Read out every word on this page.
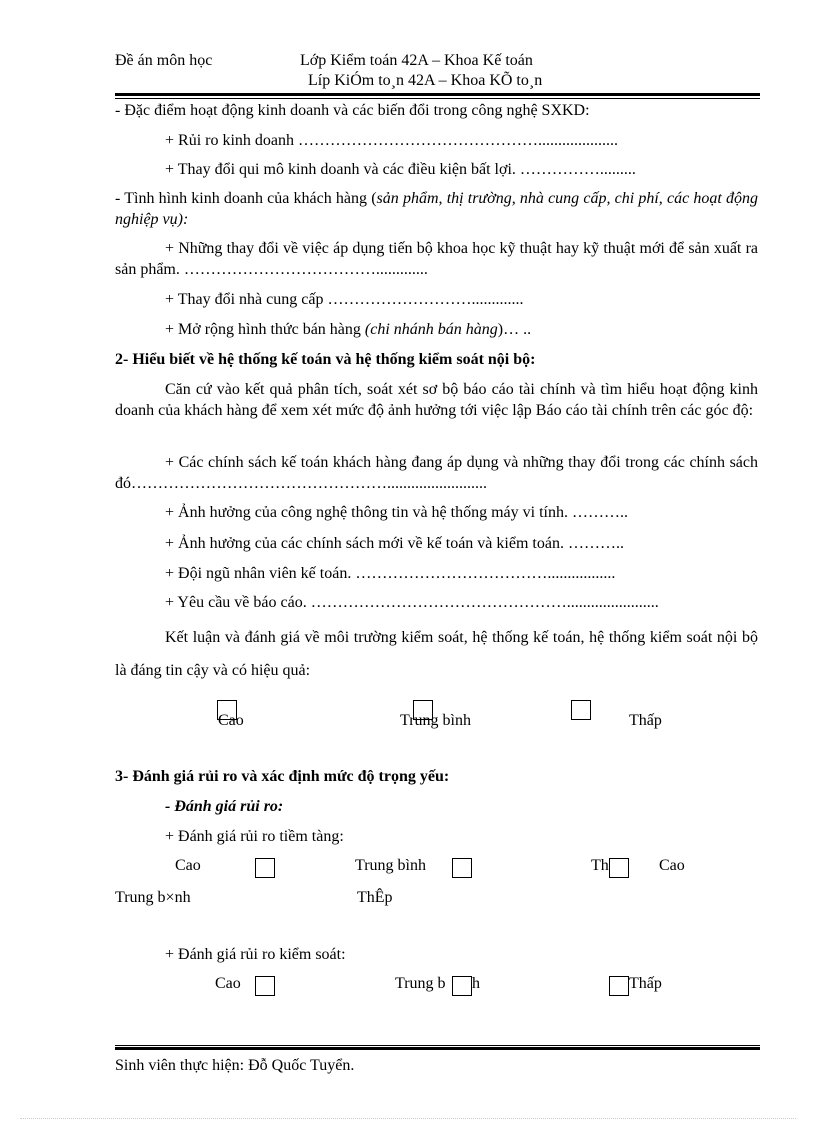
Đề án môn học	Lớp Kiểm toán 42A – Khoa Kế toán
Líp KiÓm to¸n 42A – Khoa KÕ to¸n
- Đặc điểm hoạt động kinh doanh và các biến đổi trong công nghệ SXKD:
+ Rủi ro kinh doanh ………………………………………....................
+ Thay đổi qui mô kinh doanh và các điều kiện bất lợi. …………….........
- Tình hình kinh doanh của khách hàng (sản phẩm, thị trường, nhà cung cấp, chi phí, các hoạt động nghiệp vụ):
+ Những thay đổi về việc áp dụng tiến bộ khoa học kỹ thuật hay kỹ thuật mới để sản xuất ra sản phẩm. ……………………………….............
+ Thay đổi nhà cung cấp ……………………….............
+ Mở rộng hình thức bán hàng (chi nhánh bán hàng)… ..
2- Hiểu biết về hệ thống kế toán và hệ thống kiểm soát nội bộ:
Căn cứ vào kết quả phân tích, soát xét sơ bộ báo cáo tài chính và tìm hiểu hoạt động kinh doanh của khách hàng để xem xét mức độ ảnh hưởng tới việc lập Báo cáo tài chính trên các góc độ:
+ Các chính sách kế toán khách hàng đang áp dụng và những thay đổi trong các chính sách đó………………………………………….........................
+ Ảnh hưởng của công nghệ thông tin và hệ thống máy vi tính. ………..
+ Ảnh hưởng của các chính sách mới về kế toán và kiểm toán. ………..
+ Đội ngũ nhân viên kế toán. ……………………………….................
+ Yêu cầu về báo cáo. ………………………………………….......................
Kết luận và đánh giá về môi trường kiểm soát, hệ thống kế toán, hệ thống kiểm soát nội bộ là đáng tin cậy và có hiệu quả:
Cao	Trung bình	Thấp
3- Đánh giá rủi ro và xác định mức độ trọng yếu:
- Đánh giá rủi ro:
+ Đánh giá rủi ro tiềm tàng:
Cao	Trung bình	Th	Cao
Trung b×nh	ThÊp
+ Đánh giá rủi ro kiểm soát:
Cao	Trung b h	Thấp
Sinh viên thực hiện: Đỗ Quốc Tuyển.
